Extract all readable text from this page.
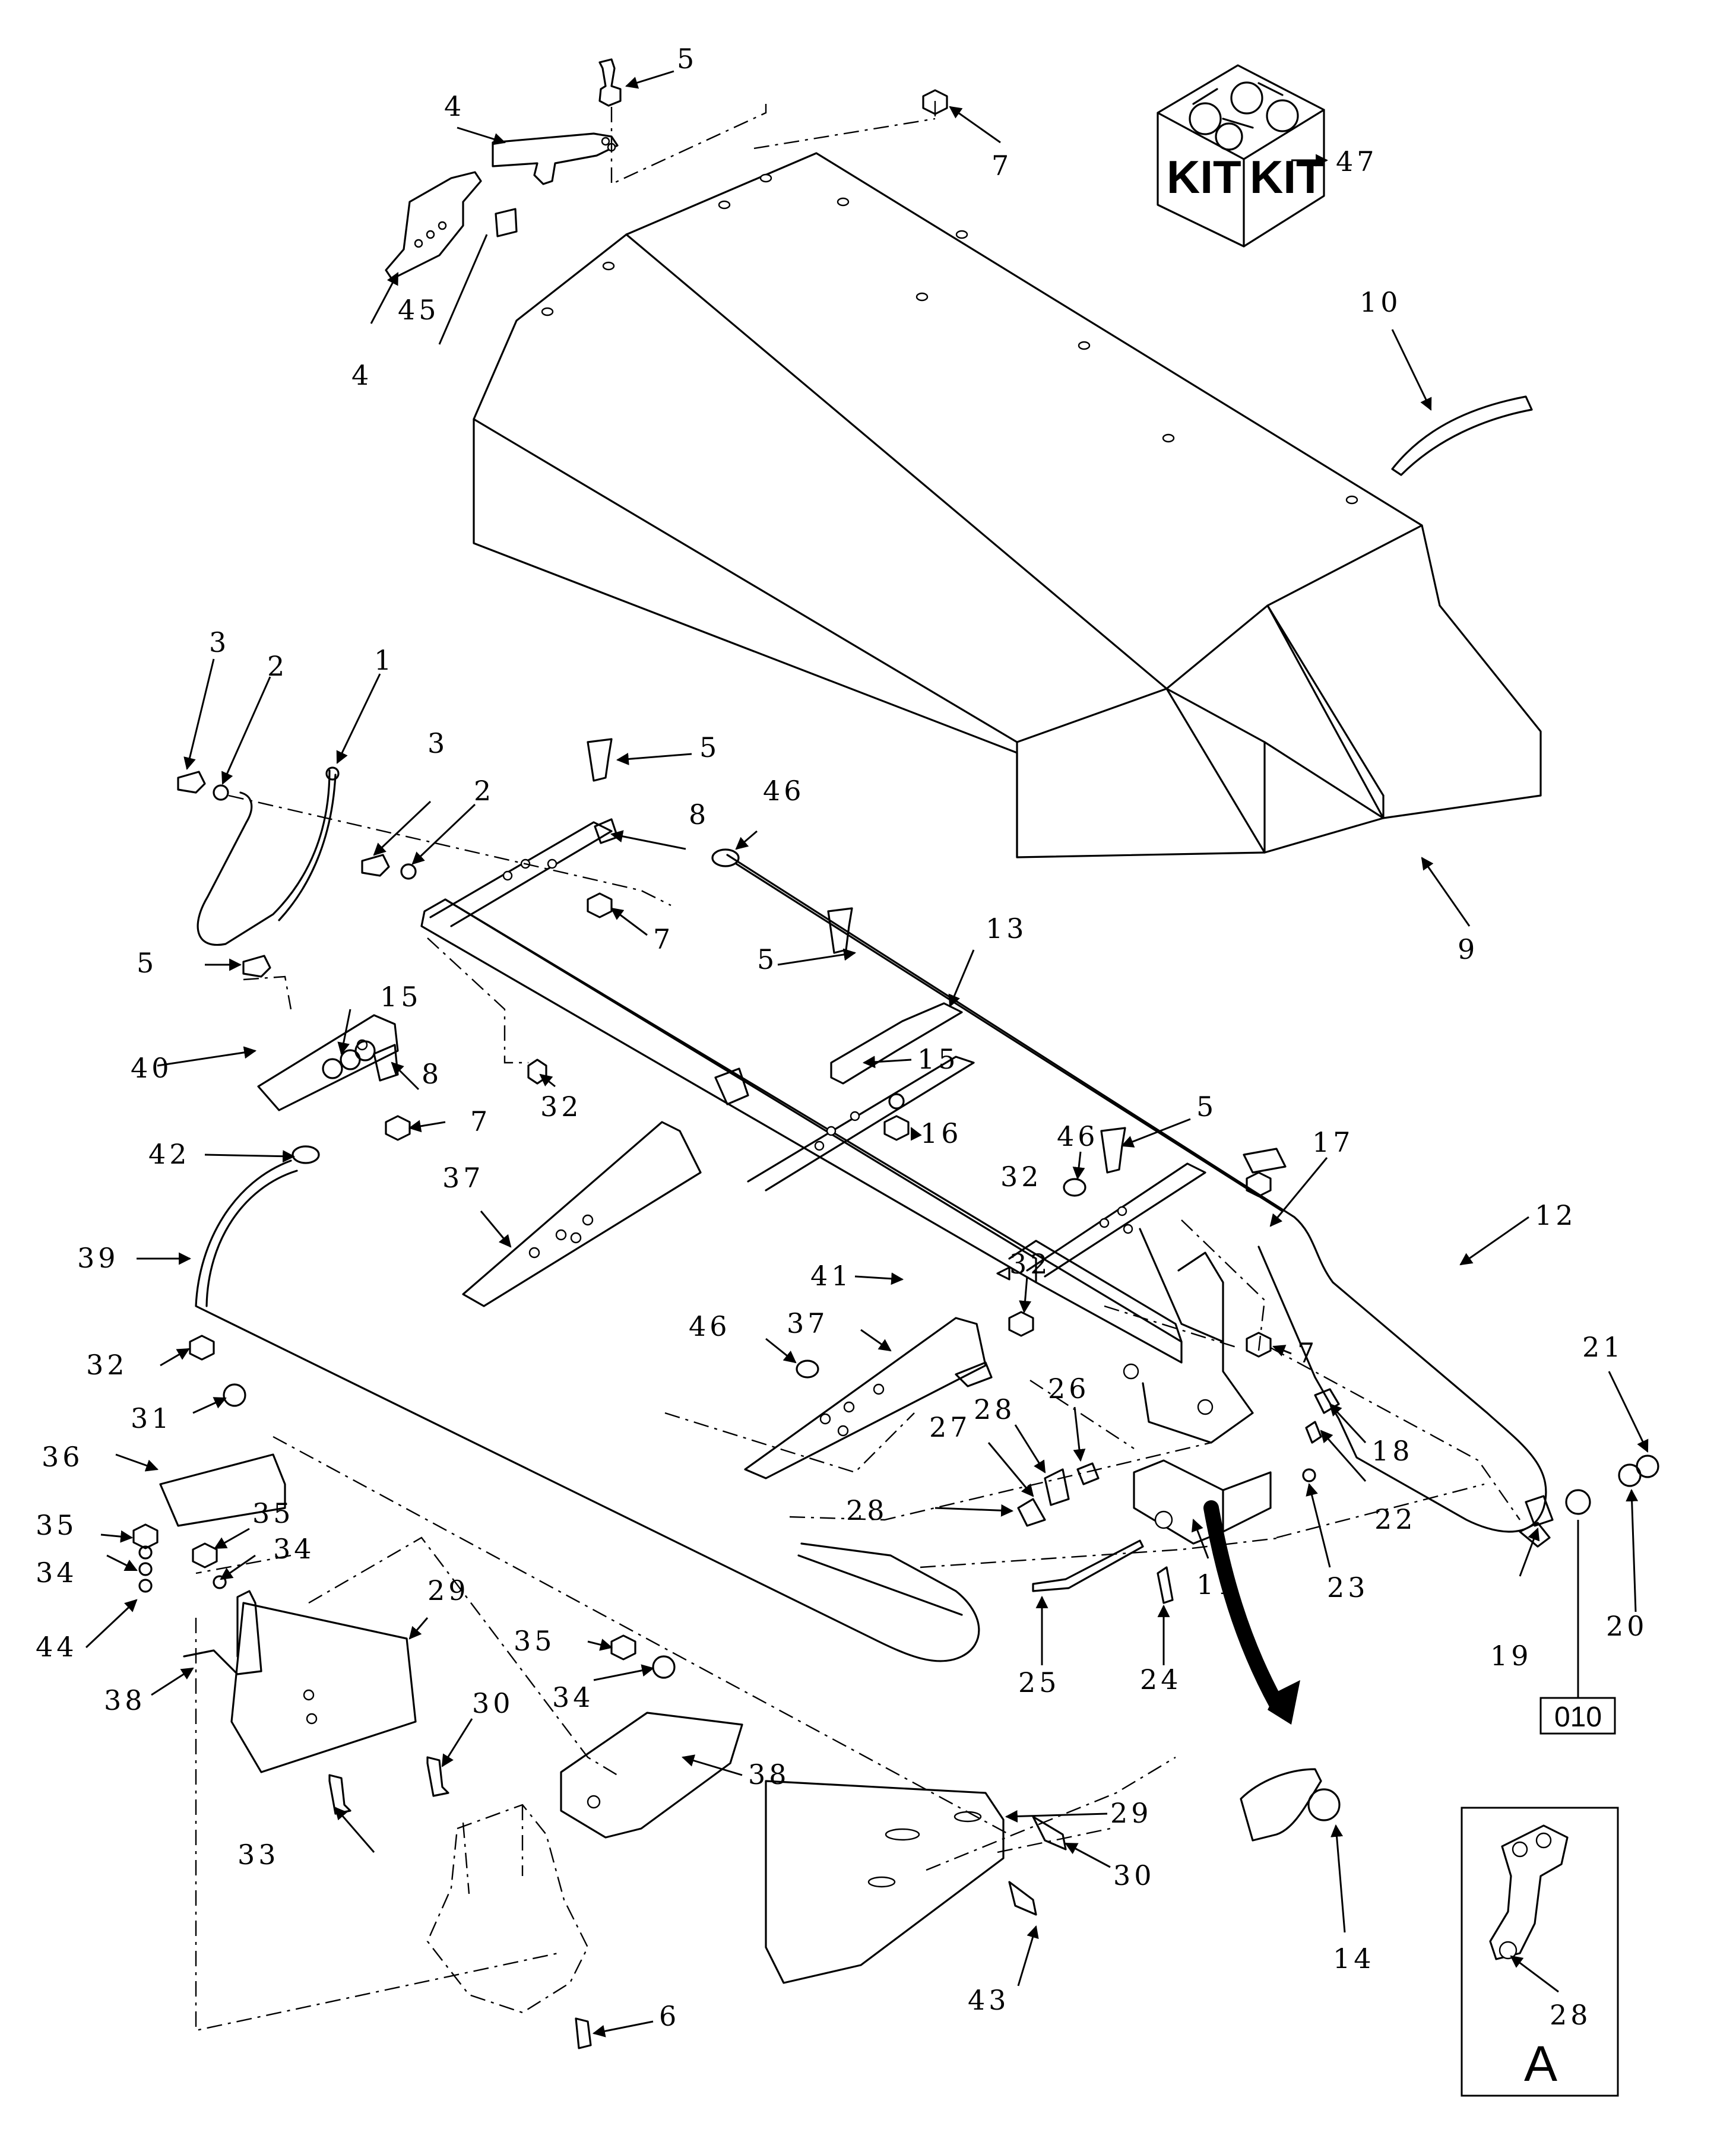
KIT KIT
010
A
1
2
2
3
3
4
4
5
5
5
5
5
6
7
7
7
7
8
8
9
10
11
12
13
14
15
15
16	17
18
19
20
21
22
23
24
25
26
27
28
28
28
29
29
30
30
31
32
32
32
32
33
34
34
34
35	35
35
36
37
37
38
38
39
40
41
42
43
44
45
46
46
46
47
